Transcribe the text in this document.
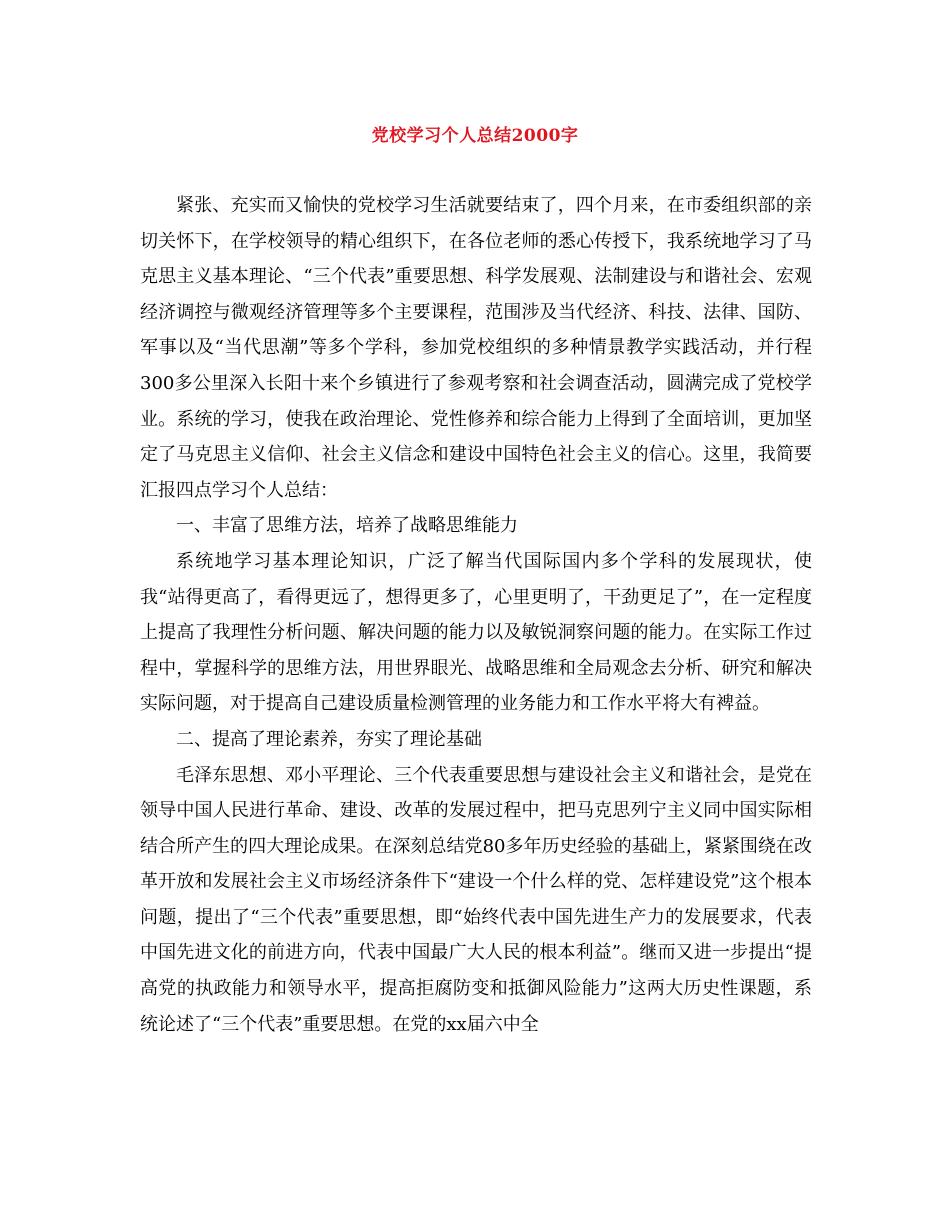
党校学习个人总结2000字

紧张、充实而又愉快的党校学习生活就要结束了，四个月来，在市委组织部的亲切关怀下，在学校领导的精心组织下，在各位老师的悉心传授下，我系统地学习了马克思主义基本理论、“三个代表”重要思想、科学发展观、法制建设与和谐社会、宏观经济调控与微观经济管理等多个主要课程，范围涉及当代经济、科技、法律、国防、军事以及“当代思潮”等多个学科，参加党校组织的多种情景教学实践活动，并行程300多公里深入长阳十来个乡镇进行了参观考察和社会调查活动，圆满完成了党校学业。系统的学习，使我在政治理论、党性修养和综合能力上得到了全面培训，更加坚定了马克思主义信仰、社会主义信念和建设中国特色社会主义的信心。这里，我简要汇报四点学习个人总结：

一、丰富了思维方法，培养了战略思维能力

系统地学习基本理论知识，广泛了解当代国际国内多个学科的发展现状，使我“站得更高了，看得更远了，想得更多了，心里更明了，干劲更足了”，在一定程度上提高了我理性分析问题、解决问题的能力以及敏锐洞察问题的能力。在实际工作过程中，掌握科学的思维方法，用世界眼光、战略思维和全局观念去分析、研究和解决实际问题，对于提高自己建设质量检测管理的业务能力和工作水平将大有裨益。

二、提高了理论素养，夯实了理论基础

毛泽东思想、邓小平理论、三个代表重要思想与建设社会主义和谐社会，是党在领导中国人民进行革命、建设、改革的发展过程中，把马克思列宁主义同中国实际相结合所产生的四大理论成果。在深刻总结党80多年历史经验的基础上，紧紧围绕在改革开放和发展社会主义市场经济条件下“建设一个什么样的党、怎样建设党”这个根本问题，提出了“三个代表”重要思想，即“始终代表中国先进生产力的发展要求，代表中国先进文化的前进方向，代表中国最广大人民的根本利益”。继而又进一步提出“提高党的执政能力和领导水平，提高拒腐防变和抵御风险能力”这两大历史性课题，系统论述了“三个代表”重要思想。在党的xx届六中全
